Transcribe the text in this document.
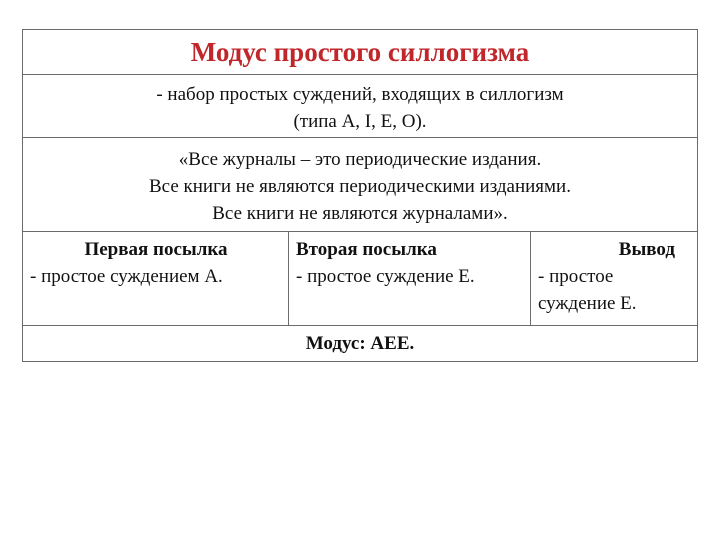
Модус простого силлогизма
- набор простых суждений, входящих в силлогизм
(типа A, I, E, O).
«Все журналы – это периодические издания.
Все книги не являются периодическими изданиями.
Все книги не являются журналами».
Первая посылка
- простое суждением А.
Вторая посылка
- простое суждение Е.
Вывод
- простое суждение Е.
Модус: АЕЕ.
